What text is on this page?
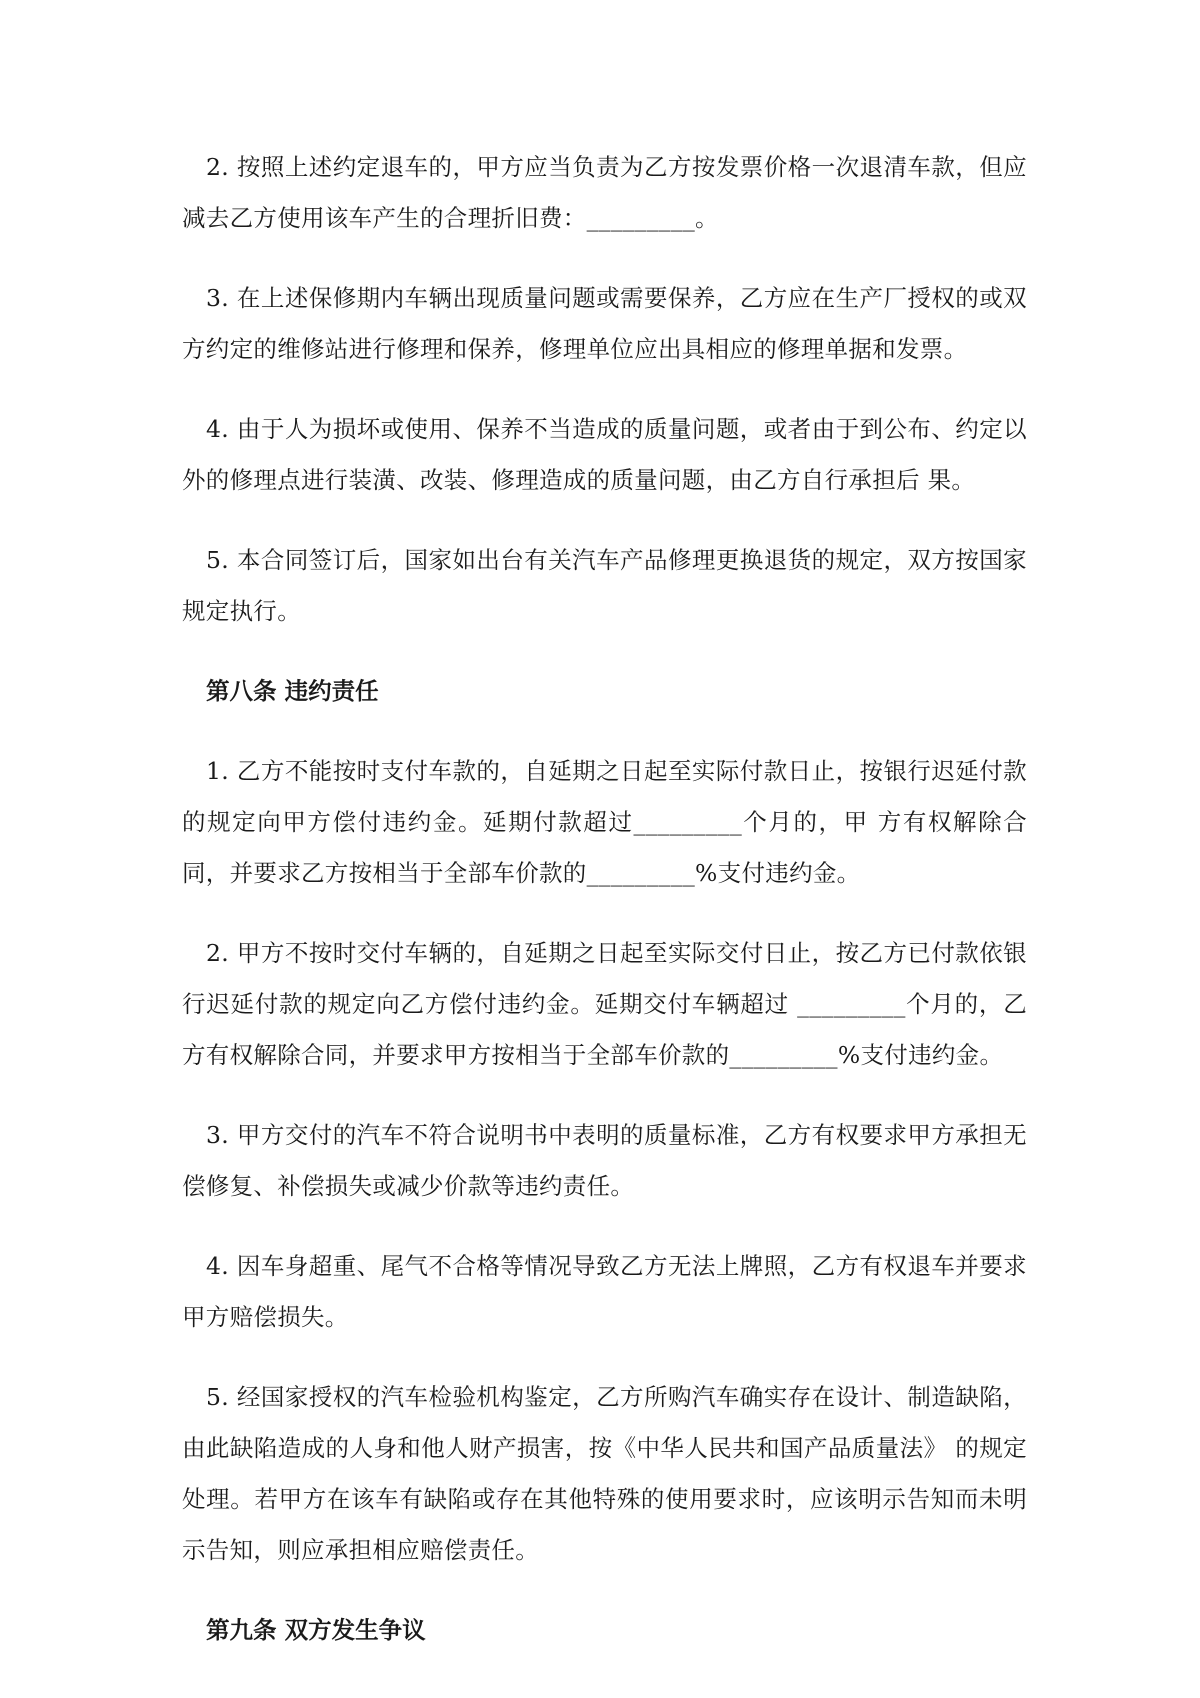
2. 按照上述约定退车的，甲方应当负责为乙方按发票价格一次退清车款，但应减去乙方使用该车产生的合理折旧费：_________。

3. 在上述保修期内车辆出现质量问题或需要保养，乙方应在生产厂授权的或双方约定的维修站进行修理和保养，修理单位应出具相应的修理单据和发票。

4. 由于人为损坏或使用、保养不当造成的质量问题，或者由于到公布、约定以外的修理点进行装潢、改装、修理造成的质量问题，由乙方自行承担后 果。

5. 本合同签订后，国家如出台有关汽车产品修理更换退货的规定，双方按国家规定执行。

第八条 违约责任

1. 乙方不能按时支付车款的，自延期之日起至实际付款日止，按银行迟延付款的规定向甲方偿付违约金。延期付款超过_________个月的，甲 方有权解除合同，并要求乙方按相当于全部车价款的_________%支付违约金。

2. 甲方不按时交付车辆的，自延期之日起至实际交付日止，按乙方已付款依银行迟延付款的规定向乙方偿付违约金。延期交付车辆超过 _________个月的，乙方有权解除合同，并要求甲方按相当于全部车价款的_________%支付违约金。

3. 甲方交付的汽车不符合说明书中表明的质量标准，乙方有权要求甲方承担无偿修复、补偿损失或减少价款等违约责任。

4. 因车身超重、尾气不合格等情况导致乙方无法上牌照，乙方有权退车并要求甲方赔偿损失。

5. 经国家授权的汽车检验机构鉴定，乙方所购汽车确实存在设计、制造缺陷，由此缺陷造成的人身和他人财产损害，按《中华人民共和国产品质量法》 的规定处理。若甲方在该车有缺陷或存在其他特殊的使用要求时，应该明示告知而未明示告知，则应承担相应赔偿责任。

第九条 双方发生争议
